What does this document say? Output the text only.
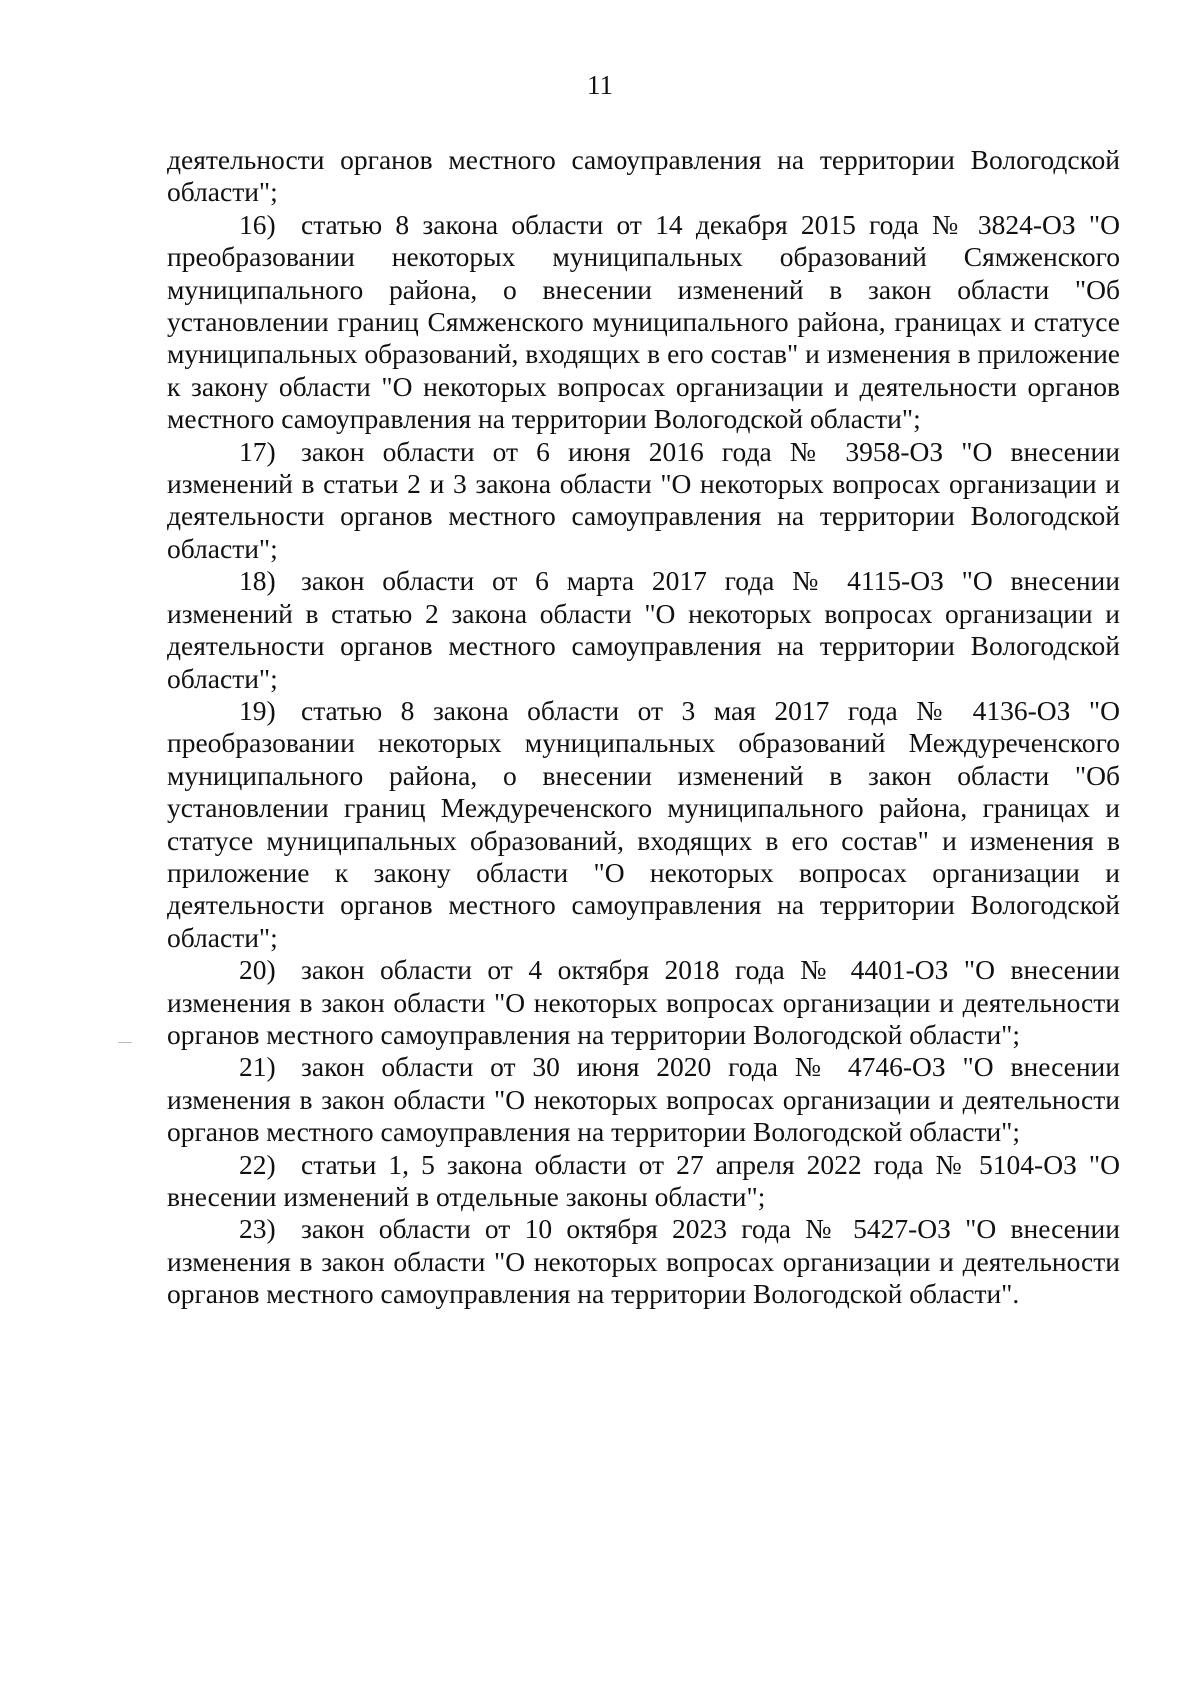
11

деятельности органов местного самоуправления на территории Вологодской области";

16) статью 8 закона области от 14 декабря 2015 года № 3824-ОЗ "О преобразовании некоторых муниципальных образований Сямженского муниципального района, о внесении изменений в закон области "Об установлении границ Сямженского муниципального района, границах и статусе муниципальных образований, входящих в его состав" и изменения в приложение к закону области "О некоторых вопросах организации и деятельности органов местного самоуправления на территории Вологодской области";

17) закон области от 6 июня 2016 года № 3958-ОЗ "О внесении изменений в статьи 2 и 3 закона области "О некоторых вопросах организации и деятельности органов местного самоуправления на территории Вологодской области";

18) закон области от 6 марта 2017 года № 4115-ОЗ "О внесении изменений в статью 2 закона области "О некоторых вопросах организации и деятельности органов местного самоуправления на территории Вологодской области";

19) статью 8 закона области от 3 мая 2017 года № 4136-ОЗ "О преобразовании некоторых муниципальных образований Междуреченского муниципального района, о внесении изменений в закон области "Об установлении границ Междуреченского муниципального района, границах и статусе муниципальных образований, входящих в его состав" и изменения в приложение к закону области "О некоторых вопросах организации и деятельности органов местного самоуправления на территории Вологодской области";

20) закон области от 4 октября 2018 года № 4401-ОЗ "О внесении изменения в закон области "О некоторых вопросах организации и деятельности органов местного самоуправления на территории Вологодской области";

21) закон области от 30 июня 2020 года № 4746-ОЗ "О внесении изменения в закон области "О некоторых вопросах организации и деятельности органов местного самоуправления на территории Вологодской области";

22) статьи 1, 5 закона области от 27 апреля 2022 года № 5104-ОЗ "О внесении изменений в отдельные законы области";

23) закон области от 10 октября 2023 года № 5427-ОЗ "О внесении изменения в закон области "О некоторых вопросах организации и деятельности органов местного самоуправления на территории Вологодской области".
